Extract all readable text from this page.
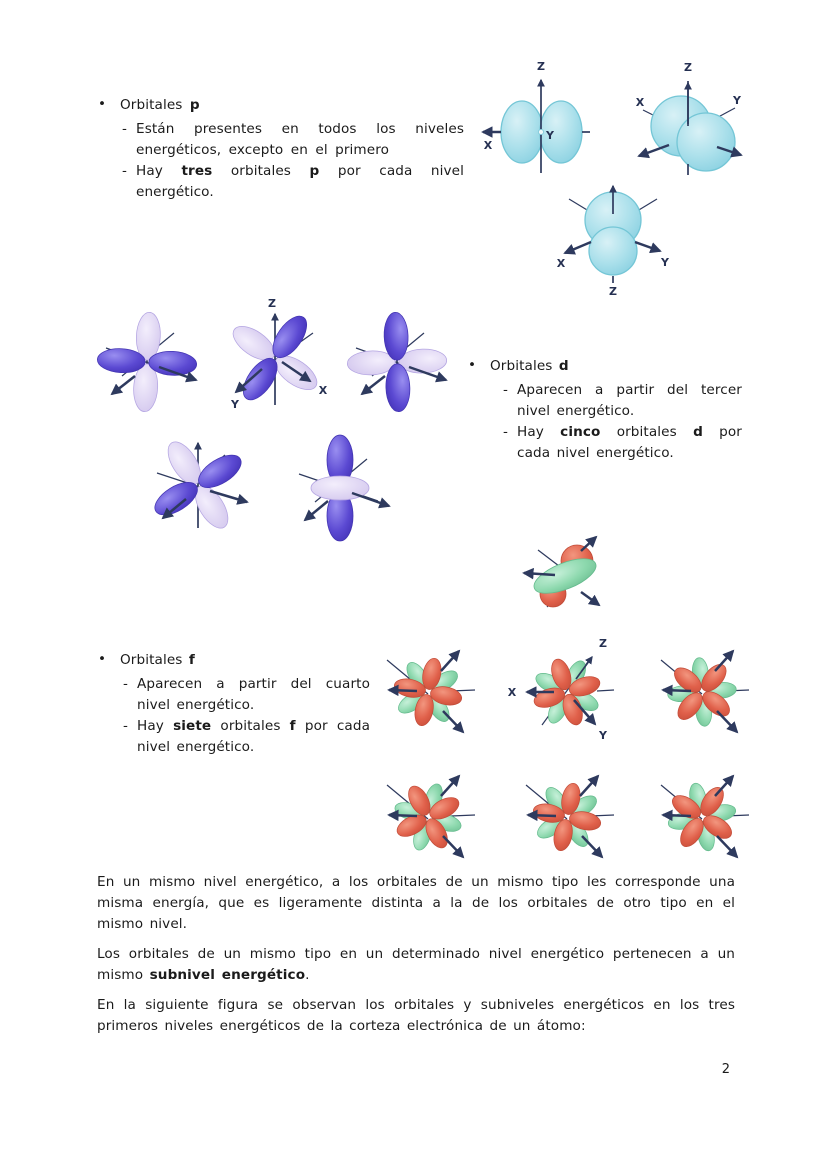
• Orbitales p
- Están presentes en todos los niveles energéticos, excepto en el primero
- Hay tres orbitales p por cada nivel energético.
Z
X
Y
Z
X	Y
X	Y
Z
Z
X
Y
• Orbitales d
- Aparecen a partir del tercer nivel energético.
- Hay cinco orbitales d por cada nivel energético.
• Orbitales f
- Aparecen a partir del cuarto nivel energético.
- Hay siete orbitales f por cada nivel energético.
Z
X
Y

En un mismo nivel energético, a los orbitales de un mismo tipo les corresponde una misma energía, que es ligeramente distinta a la de los orbitales de otro tipo en el mismo nivel.

Los orbitales de un mismo tipo en un determinado nivel energético pertenecen a un mismo subnivel energético.

En la siguiente figura se observan los orbitales y subniveles energéticos en los tres primeros niveles energéticos de la corteza electrónica de un átomo:

2
